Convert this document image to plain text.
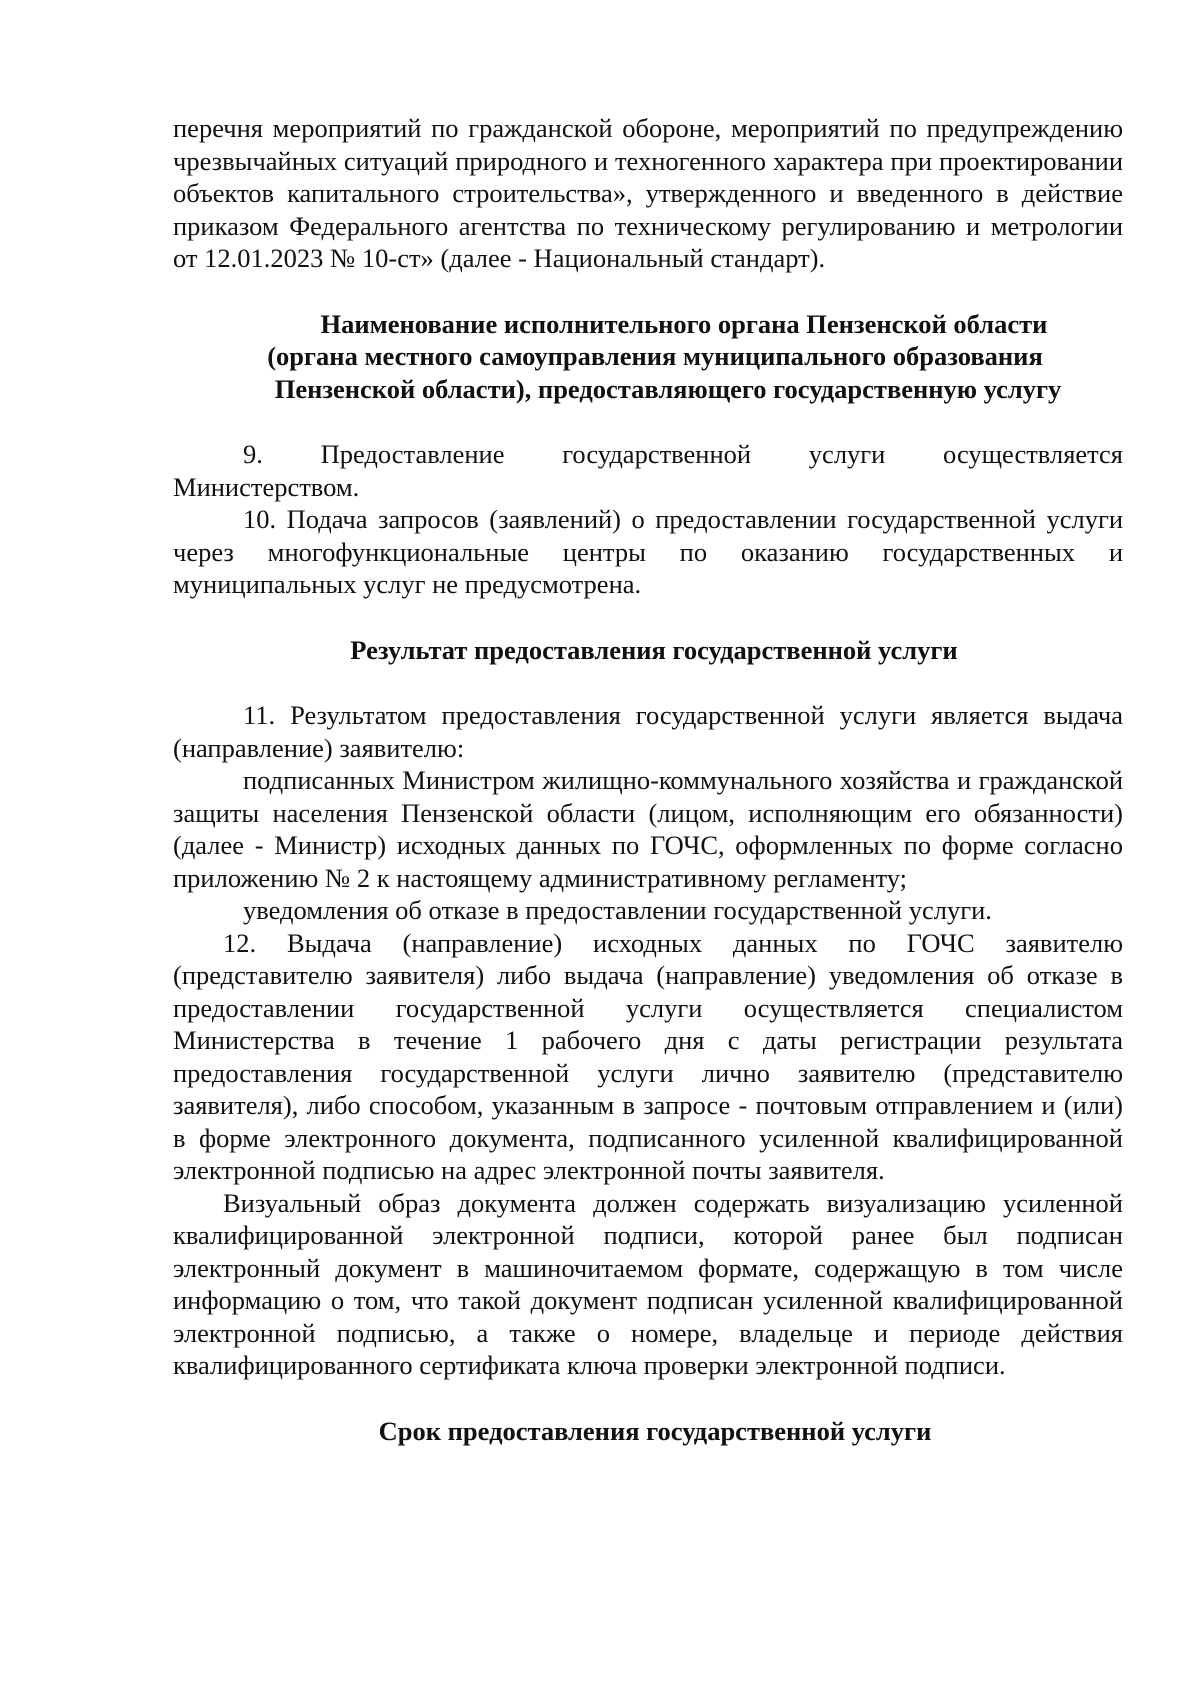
перечня мероприятий по гражданской обороне, мероприятий по предупреждению чрезвычайных ситуаций природного и техногенного характера при проектировании объектов капитального строительства», утвержденного и введенного в действие приказом Федерального агентства по техническому регулированию и метрологии от 12.01.2023 № 10-ст» (далее - Национальный стандарт).

Наименование исполнительного органа Пензенской области

(органа местного самоуправления муниципального образования

Пензенской области), предоставляющего государственную услугу

9. Предоставление государственной услуги осуществляется Министерством.

10. Подача запросов (заявлений) о предоставлении государственной услуги через многофункциональные центры по оказанию государственных и муниципальных услуг не предусмотрена.

Результат предоставления государственной услуги

11. Результатом предоставления государственной услуги является выдача (направление) заявителю:

подписанных Министром жилищно-коммунального хозяйства и гражданской защиты населения Пензенской области (лицом, исполняющим его обязанности) (далее - Министр) исходных данных по ГОЧС, оформленных по форме согласно приложению № 2 к настоящему административному регламенту;

уведомления об отказе в предоставлении государственной услуги.

12. Выдача (направление) исходных данных по ГОЧС заявителю (представителю заявителя) либо выдача (направление) уведомления об отказе в предоставлении государственной услуги осуществляется специалистом Министерства в течение 1 рабочего дня с даты регистрации результата предоставления государственной услуги лично заявителю (представителю заявителя), либо способом, указанным в запросе - почтовым отправлением и (или) в форме электронного документа, подписанного усиленной квалифицированной электронной подписью на адрес электронной почты заявителя.

Визуальный образ документа должен содержать визуализацию усиленной квалифицированной электронной подписи, которой ранее был подписан электронный документ в машиночитаемом формате, содержащую в том числе информацию о том, что такой документ подписан усиленной квалифицированной электронной подписью, а также о номере, владельце и периоде действия квалифицированного сертификата ключа проверки электронной подписи.

Срок предоставления государственной услуги
